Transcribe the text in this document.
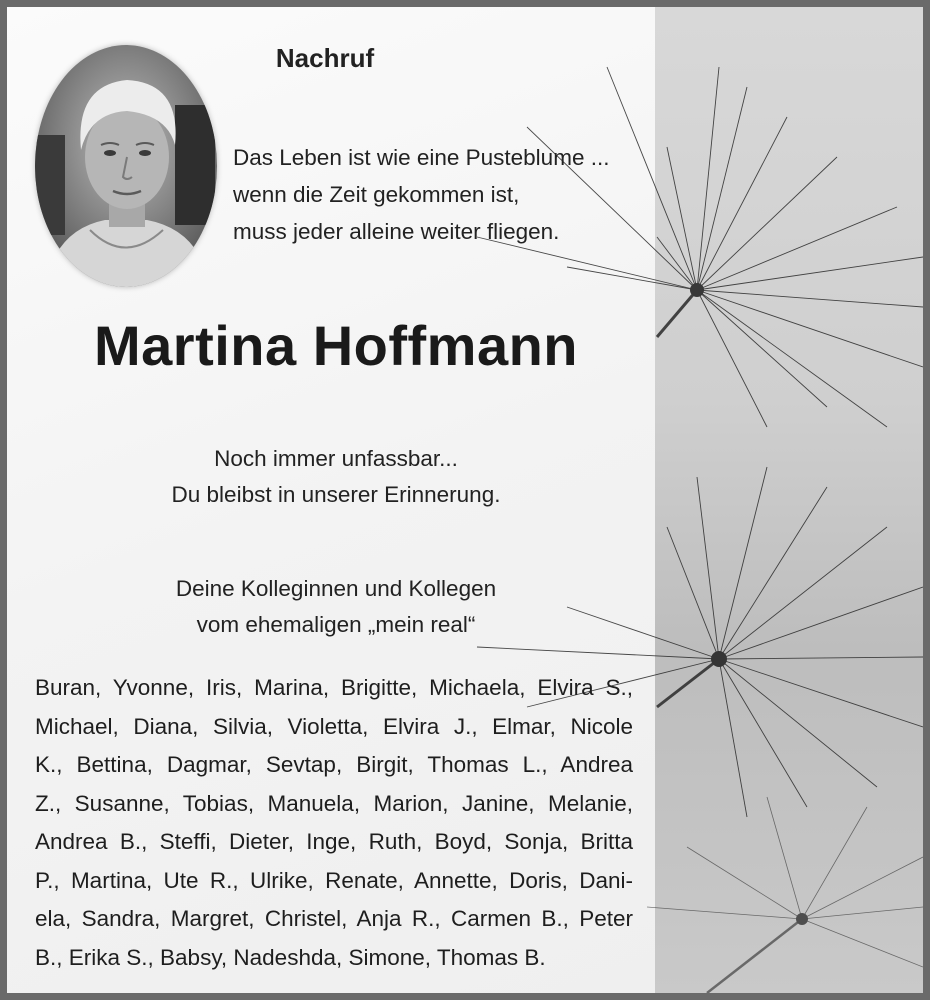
Nachruf
Das Leben ist wie eine Pusteblume ...
wenn die Zeit gekommen ist,
muss jeder alleine weiter fliegen.
Martina Hoffmann
Noch immer unfassbar...
Du bleibst in unserer Erinnerung.
Deine Kolleginnen und Kollegen
vom ehemaligen „mein real“
Buran, Yvonne, Iris, Marina, Brigitte, Michaela, Elvira S.,
Michael, Diana, Silvia, Violetta, Elvira J., Elmar, Nicole
K., Bettina, Dagmar, Sevtap, Birgit, Thomas L., Andrea
Z., Susanne, Tobias, Manuela, Marion, Janine, Melanie,
Andrea B., Steffi, Dieter, Inge, Ruth, Boyd, Sonja, Britta
P., Martina, Ute R., Ulrike, Renate, Annette, Doris, Dani-
ela, Sandra, Margret, Christel, Anja R., Carmen B., Peter
B., Erika S., Babsy, Nadeshda, Simone, Thomas B.
